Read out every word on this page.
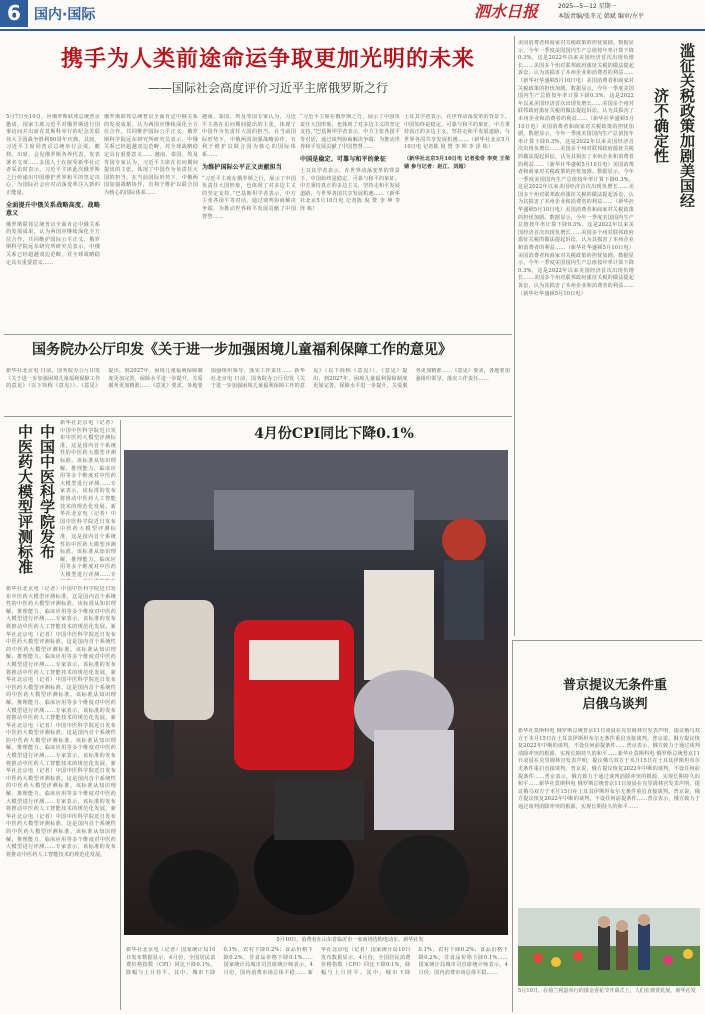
6 国内·国际	泗水日报	2025—5—12 星期一
本版责编/张冬元 韩斌 编审/左平
携手为人类前途命运争取更加光明的未来
——国际社会高度评价习近平主席俄罗斯之行
5月7日至10日，应俄罗斯联邦总统普京邀请，国家主席习近平对俄罗斯进行国事访问并出席在莫斯科举行的纪念苏联伟大卫国战争胜利80周年庆典。其间，习近平主席同普京总统举行会谈，瞻仰、出席、会见俄罗斯各界代表，发表署名文章……多国人士在接受新华社记者采访时表示，习近平主席此次俄罗斯之行传递出中国维护世界和平的坚定决心，为国际社会应对动荡变革注入新的正能量。
全面提升中俄关系战略高度、战略意义
俄罗斯联邦总统普京全面肯定中俄关系的发展成果，认为两国应继续深化全方位合作，共同维护国际公平正义。俄罗斯科学院远东研究所研究员表示，中俄关系已经超越双边范畴，对全球战略稳定具有重要意义……
俄罗斯联邦总统普京全面肯定中俄关系的发展成果，认为两国应继续深化全方位合作，共同维护国际公平正义。俄罗斯科学院远东研究所研究员表示，中俄关系已经超越双边范畴，对全球战略稳定具有重要意义…… 越南、泰国、埃及等国专家认为，习近平主席在访问期间提出的主张，体现了中国作为负责任大国的担当。在当前国际形势下，中俄两国加强战略协作，有利于维护以联合国为核心的国际体系……
越南、泰国、埃及等国专家认为，习近平主席在访问期间提出的主张，体现了中国作为负责任大国的担当。在当前国际形势下，中俄两国加强战略协作，有利于维护以联合国为核心的国际体系……
为维护国际公平正义贡献担当
“习近平主席在俄罗斯之行，展示了中国负责任大国形象，也体现了对多边主义的坚定支持。”巴基斯坦学者表示，中方主张各国平等对话，通过谈判协商解决争端，为推动世界和平发展贡献了中国智慧……
“习近平主席在俄罗斯之行，展示了中国负责任大国形象，也体现了对多边主义的坚定支持。”巴基斯坦学者表示，中方主张各国平等对话，通过谈判协商解决争端，为推动世界和平发展贡献了中国智慧……
中国是稳定、可靠与和平的象征
土耳其学者表示，在世界动荡变革的背景下，中国始终是稳定、可靠与和平的象征。中方秉持真正的多边主义，坚持走和平发展道路，与世界各国共享发展机遇……（新华社北京5月10日电 记者陈 倪 赞 李 坤 李 泽 栋）
土耳其学者表示，在世界动荡变革的背景下，中国始终是稳定、可靠与和平的象征。中方秉持真正的多边主义，坚持走和平发展道路，与世界各国共享发展机遇……（新华社北京5月10日电 记者陈 倪 赞 李 坤 李 泽 栋）
（新华社北京5月10日电 记者张奇 李奕 王荣婧 参与记者：赵江、刘超）
美国消费者和商家对关税政策的担忧加剧。数据显示，今年一季度美国国内生产总值按年率计算下降0.3%，这是2022年以来美国经济首次出现负增长……美国多个州对联邦政府滥征关税的做法提起诉讼，认为其损害了本州企业和消费者的利益……（新华社华盛顿5月10日电）美国消费者和商家对关税政策的担忧加剧。数据显示，今年一季度美国国内生产总值按年率计算下降0.3%，这是2022年以来美国经济首次出现负增长……美国多个州对联邦政府滥征关税的做法提起诉讼，认为其损害了本州企业和消费者的利益……（新华社华盛顿5月10日电）美国消费者和商家对关税政策的担忧加剧。数据显示，今年一季度美国国内生产总值按年率计算下降0.3%，这是2022年以来美国经济首次出现负增长……美国多个州对联邦政府滥征关税的做法提起诉讼，认为其损害了本州企业和消费者的利益……（新华社华盛顿5月10日电）美国消费者和商家对关税政策的担忧加剧。数据显示，今年一季度美国国内生产总值按年率计算下降0.3%，这是2022年以来美国经济首次出现负增长……美国多个州对联邦政府滥征关税的做法提起诉讼，认为其损害了本州企业和消费者的利益……（新华社华盛顿5月10日电）美国消费者和商家对关税政策的担忧加剧。数据显示，今年一季度美国国内生产总值按年率计算下降0.3%，这是2022年以来美国经济首次出现负增长……美国多个州对联邦政府滥征关税的做法提起诉讼，认为其损害了本州企业和消费者的利益……（新华社华盛顿5月10日电）美国消费者和商家对关税政策的担忧加剧。数据显示，今年一季度美国国内生产总值按年率计算下降0.3%，这是2022年以来美国经济首次出现负增长……美国多个州对联邦政府滥征关税的做法提起诉讼，认为其损害了本州企业和消费者的利益……（新华社华盛顿5月10日电）
滥征关税政策加剧美国经济不确定性
国务院办公厅印发《关于进一步加强困境儿童福利保障工作的意见》
新华社北京电 日前，国务院办公厅印发《关于进一步加强困境儿童福利保障工作的意见》（以下简称《意见》）。《意见》提出，到2027年，困境儿童福利保障制度更加完善，保障水平进一步提升，关爱服务更加精准……《意见》要求，各地要加强组织领导，落实工作责任…… 新华社北京电 日前，国务院办公厅印发《关于进一步加强困境儿童福利保障工作的意见》（以下简称《意见》）。《意见》提出，到2027年，困境儿童福利保障制度更加完善，保障水平进一步提升，关爱服务更加精准……《意见》要求，各地要加强组织领导，落实工作责任……
中国中医科学院发布
中医药大模型评测标准
新华社北京电（记者）中国中医科学院近日发布中医药大模型评测标准，这是国内首个系统性的中医药大模型评测标准。该标准从知识理解、推理能力、临床应用等多个维度对中医药大模型进行评测……专家表示，该标准的发布将推动中医药人工智能技术的规范化发展。新华社北京电（记者）中国中医科学院近日发布中医药大模型评测标准，这是国内首个系统性的中医药大模型评测标准。该标准从知识理解、推理能力、临床应用等多个维度对中医药大模型进行评测……专
新华社北京电（记者）中国中医科学院近日发布中医药大模型评测标准，这是国内首个系统性的中医药大模型评测标准。该标准从知识理解、推理能力、临床应用等多个维度对中医药大模型进行评测……专家表示，该标准的发布将推动中医药人工智能技术的规范化发展。新华社北京电（记者）中国中医科学院近日发布中医药大模型评测标准，这是国内首个系统性的中医药大模型评测标准。该标准从知识理解、推理能力、临床应用等多个维度对中医药大模型进行评测……专家表示，该标准的发布将推动中医药人工智能技术的规范化发展。新华社北京电（记者）中国中医科学院近日发布中医药大模型评测标准，这是国内首个系统性的中医药大模型评测标准。该标准从知识理解、推理能力、临床应用等多个维度对中医药大模型进行评测……专家表示，该标准的发布将推动中医药人工智能技术的规范化发展。新华社北京电（记者）中国中医科学院近日发布中医药大模型评测标准，这是国内首个系统性的中医药大模型评测标准。该标准从知识理解、推理能力、临床应用等多个维度对中医药大模型进行评测……专家表示，该标准的发布将推动中医药人工智能技术的规范化发展。新华社北京电（记者）中国中医科学院近日发布中医药大模型评测标准，这是国内首个系统性的中医药大模型评测标准。该标准从知识理解、推理能力、临床应用等多个维度对中医药大模型进行评测……专家表示，该标准的发布将推动中医药人工智能技术的规范化发展。新华社北京电（记者）中国中医科学院近日发布中医药大模型评测标准，这是国内首个系统性的中医药大模型评测标准。该标准从知识理解、推理能力、临床应用等多个维度对中医药大模型进行评测……专家表示，该标准的发布将推动中医药人工智能技术的规范化发展。
4月份CPI同比下降0.1%
5月10日，消费者在山东省临沂市一家商场选购电动车。新华社发
新华社北京电（记者）国家统计局10日发布数据显示，4月份，全国居民消费价格指数（CPI）同比下降0.1%，降幅与上月持平。其中，城市下降0.1%，农村下降0.2%；食品价格下降0.2%，非食品价格下降0.1%……国家统计局城市司首席统计师表示，4月份，国内消费市场总体平稳…… 新华社北京电（记者）国家统计局10日发布数据显示，4月份，全国居民消费价格指数（CPI）同比下降0.1%，降幅与上月持平。其中，城市下降0.1%，农村下降0.2%；食品价格下降0.2%，非食品价格下降0.1%……国家统计局城市司首席统计师表示，4月份，国内消费市场总体平稳……
普京提议无条件重启俄乌谈判
新华社莫斯科电 俄罗斯总统普京11日凌晨在克里姆林宫发表声明，提议俄乌双方于本月15日在土耳其伊斯坦布尔无条件重启直接谈判。普京说，俄方提议恢复2022年中断的谈判，不设任何前提条件……普京表示，俄方致力于通过谈判消除冲突的根源，实现长期持久的和平……新华社莫斯科电 俄罗斯总统普京11日凌晨在克里姆林宫发表声明，提议俄乌双方于本月15日在土耳其伊斯坦布尔无条件重启直接谈判。普京说，俄方提议恢复2022年中断的谈判，不设任何前提条件……普京表示，俄方致力于通过谈判消除冲突的根源，实现长期持久的和平……新华社莫斯科电 俄罗斯总统普京11日凌晨在克里姆林宫发表声明，提议俄乌双方于本月15日在土耳其伊斯坦布尔无条件重启直接谈判。普京说，俄方提议恢复2022年中断的谈判，不设任何前提条件……普京表示，俄方致力于通过谈判消除冲突的根源，实现长期持久的和平……
5月10日，在荷兰利瑟举行的郁金香花节开幕式上，人们在观赏花展。新华社发
